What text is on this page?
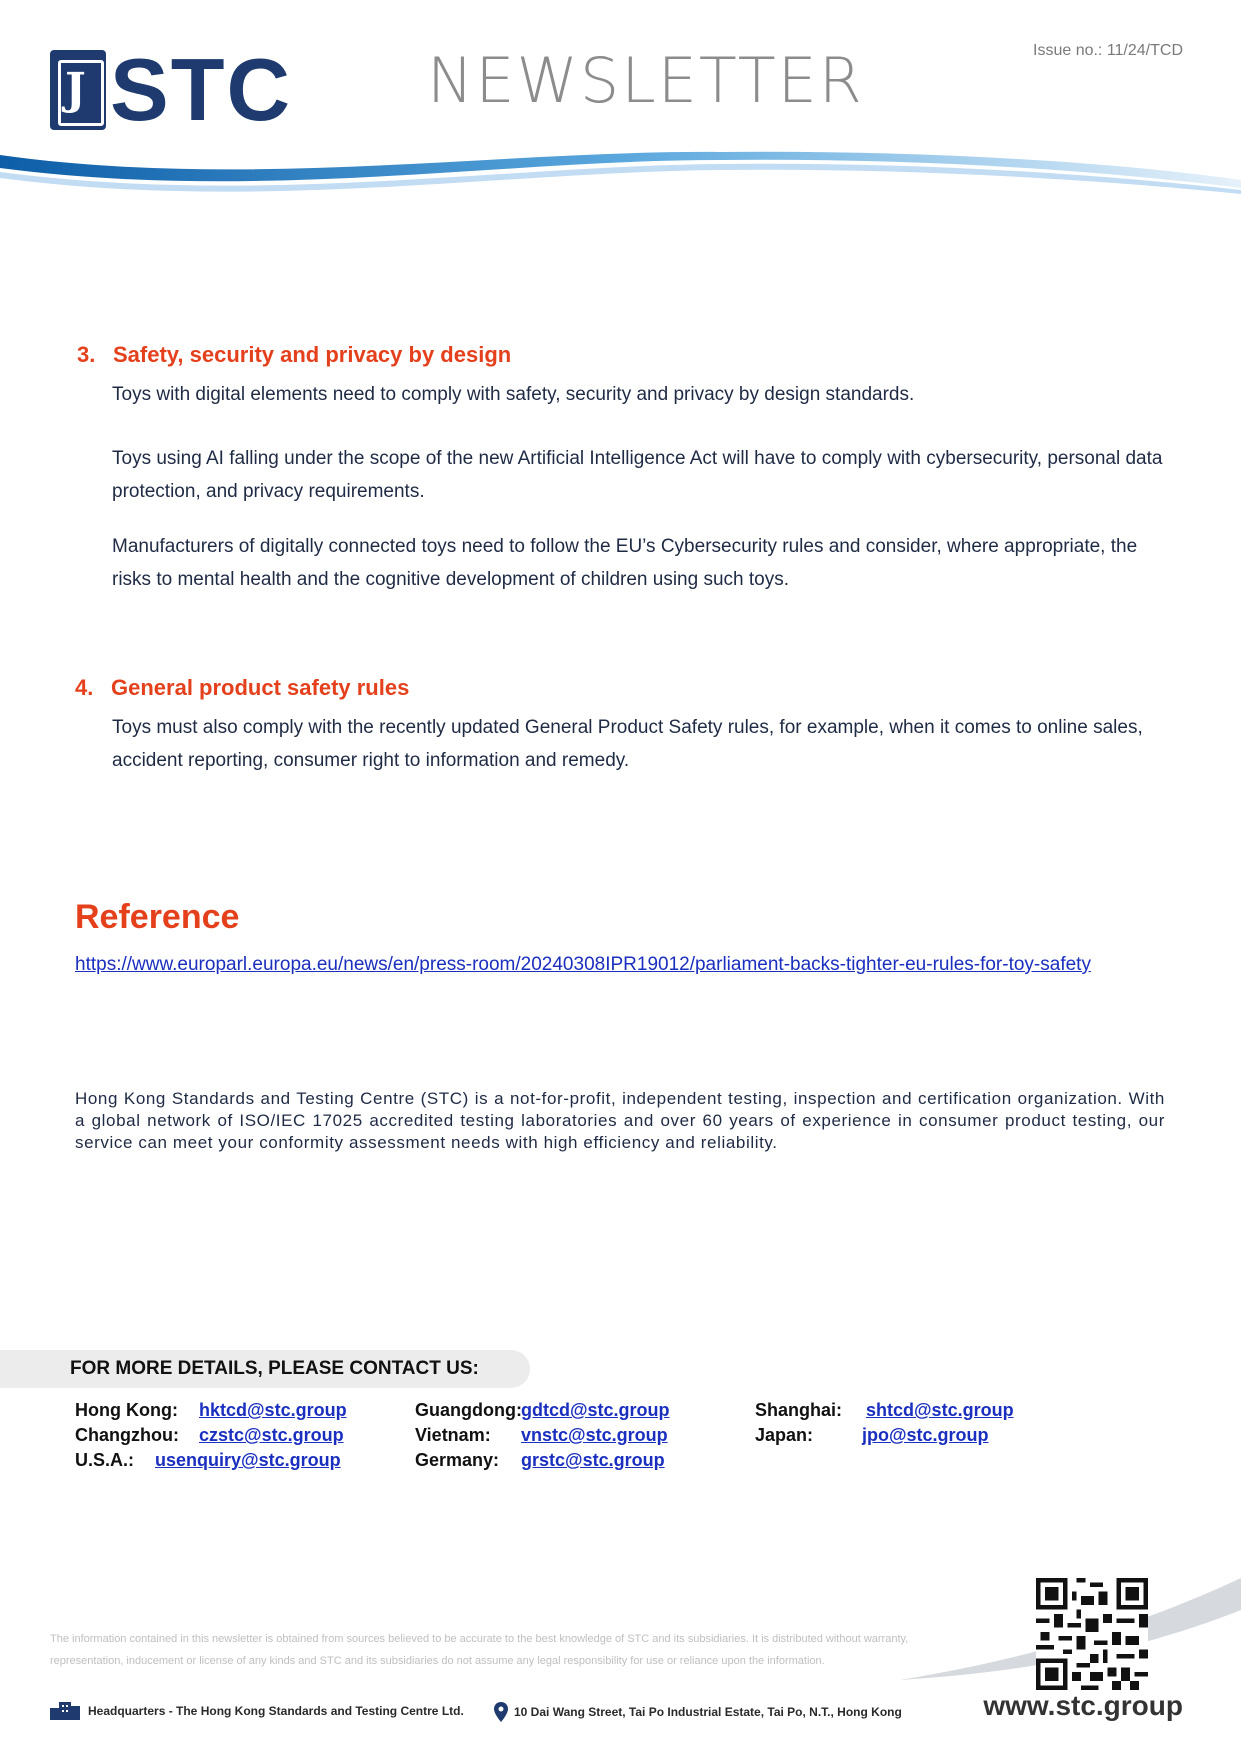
Issue no.: 11/24/TCD
J
STC NEWSLETTER
3. Safety, security and privacy by design

Toys with digital elements need to comply with safety, security and privacy by design standards.

Toys using AI falling under the scope of the new Artificial Intelligence Act will have to comply with cybersecurity, personal data protection, and privacy requirements.

Manufacturers of digitally connected toys need to follow the EU’s Cybersecurity rules and consider, where appropriate, the risks to mental health and the cognitive development of children using such toys.

4. General product safety rules

Toys must also comply with the recently updated General Product Safety rules, for example, when it comes to online sales, accident reporting, consumer right to information and remedy.

Reference
https://www.europarl.europa.eu/news/en/press-room/20240308IPR19012/parliament-backs-tighter-eu-rules-for-toy-safety
Hong Kong Standards and Testing Centre (STC) is a not-for-profit, independent testing, inspection and certification organization. With a global network of ISO/IEC 17025 accredited testing laboratories and over 60 years of experience in consumer product testing, our service can meet your conformity assessment needs with high efficiency and reliability.
FOR MORE DETAILS, PLEASE CONTACT US:
Hong Kong:	hktcd@stc.group	Guangdong: gdtcd@stc.group	Shanghai:	shtcd@stc.group
Changzhou:	czstc@stc.group	Vietnam:	vnstc@stc.group	Japan:	jpo@stc.group
U.S.A.:	usenquiry@stc.group	Germany:	grstc@stc.group
The information contained in this newsletter is obtained from sources believed to be accurate to the best knowledge of STC and its subsidiaries. It is distributed without warranty, representation, inducement or license of any kinds and STC and its subsidiaries do not assume any legal responsibility for use or reliance upon the information.
Headquarters - The Hong Kong Standards and Testing Centre Ltd.	10 Dai Wang Street, Tai Po Industrial Estate, Tai Po, N.T., Hong Kong	www.stc.group
